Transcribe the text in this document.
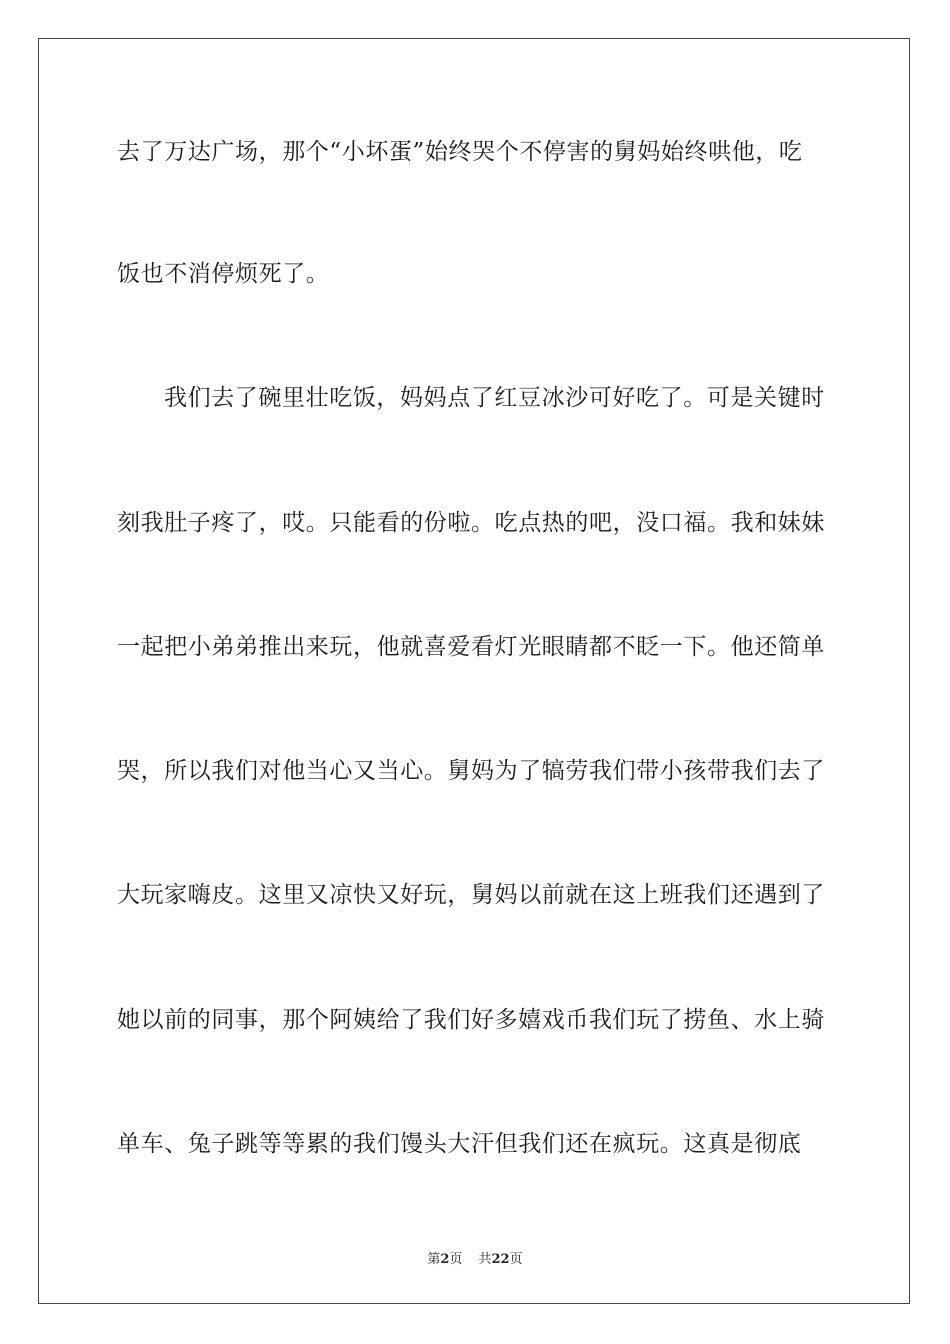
去了万达广场，那个“小坏蛋”始终哭个不停害的舅妈始终哄他，吃
饭也不消停烦死了。
我们去了碗里壮吃饭，妈妈点了红豆冰沙可好吃了。可是关键时
刻我肚子疼了，哎。只能看的份啦。吃点热的吧，没口福。我和妹妹
一起把小弟弟推出来玩，他就喜爱看灯光眼睛都不眨一下。他还简单
哭，所以我们对他当心又当心。舅妈为了犒劳我们带小孩带我们去了
大玩家嗨皮。这里又凉快又好玩，舅妈以前就在这上班我们还遇到了
她以前的同事，那个阿姨给了我们好多嬉戏币我们玩了捞鱼、水上骑
单车、兔子跳等等累的我们馒头大汗但我们还在疯玩。这真是彻底
第2页 共22页
